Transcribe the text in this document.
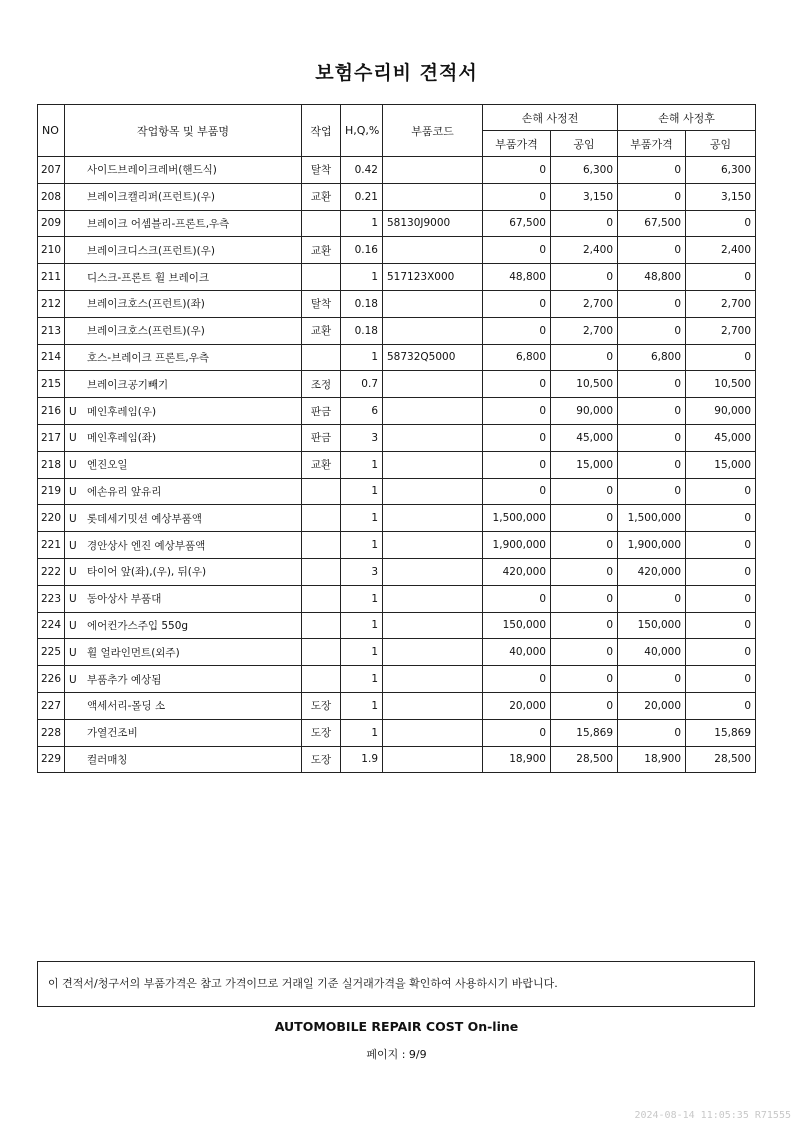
보험수리비 견적서
NO	작업항목 및 부품명	작업	H,Q,%	부품코드	손해 사정전		손해 사정후	
					부품가격	공임	부품가격	공임
207	사이드브레이크레버(핸드식)	탈착	0.42		0	6,300	0	6,300
208	브레이크캘리퍼(프런트)(우)	교환	0.21		0	3,150	0	3,150
209	브레이크 어셈블리-프론트,우측		1	58130J9000	67,500	0	67,500	0
210	브레이크디스크(프런트)(우)	교환	0.16		0	2,400	0	2,400
211	디스크-프론트 휠 브레이크		1	517123X000	48,800	0	48,800	0
212	브레이크호스(프런트)(좌)	탈착	0.18		0	2,700	0	2,700
213	브레이크호스(프런트)(우)	교환	0.18		0	2,700	0	2,700
214	호스-브레이크 프론트,우측		1	58732Q5000	6,800	0	6,800	0
215	브레이크공기빼기	조정	0.7		0	10,500	0	10,500
216	U 메인후레임(우)	판금	6		0	90,000	0	90,000
217	U 메인후레임(좌)	판금	3		0	45,000	0	45,000
218	U 엔진오일	교환	1		0	15,000	0	15,000
219	U 에손유리 앞유리		1		0	0	0	0
220	U 롯데세기밋션 예상부품액		1		1,500,000	0	1,500,000	0
221	U 경안상사 엔진 예상부품액		1		1,900,000	0	1,900,000	0
222	U 타이어 앞(좌),(우), 뒤(우)		3		420,000	0	420,000	0
223	U 동아상사 부품대		1		0	0	0	0
224	U 에어컨가스주입 550g		1		150,000	0	150,000	0
225	U 휠 얼라인먼트(외주)		1		40,000	0	40,000	0
226	U 부품추가 예상됨		1		0	0	0	0
227	액세서리-몰딩 소	도장	1		20,000	0	20,000	0
228	가열건조비	도장	1		0	15,869	0	15,869
229	컬러매칭	도장	1.9		18,900	28,500	18,900	28,500
이 견적서/청구서의 부품가격은 참고 가격이므로 거래일 기준 실거래가격을 확인하여 사용하시기 바랍니다.
AUTOMOBILE REPAIR COST On-line
페이지 : 9/9
2024-08-14 11:05:35 R71555
